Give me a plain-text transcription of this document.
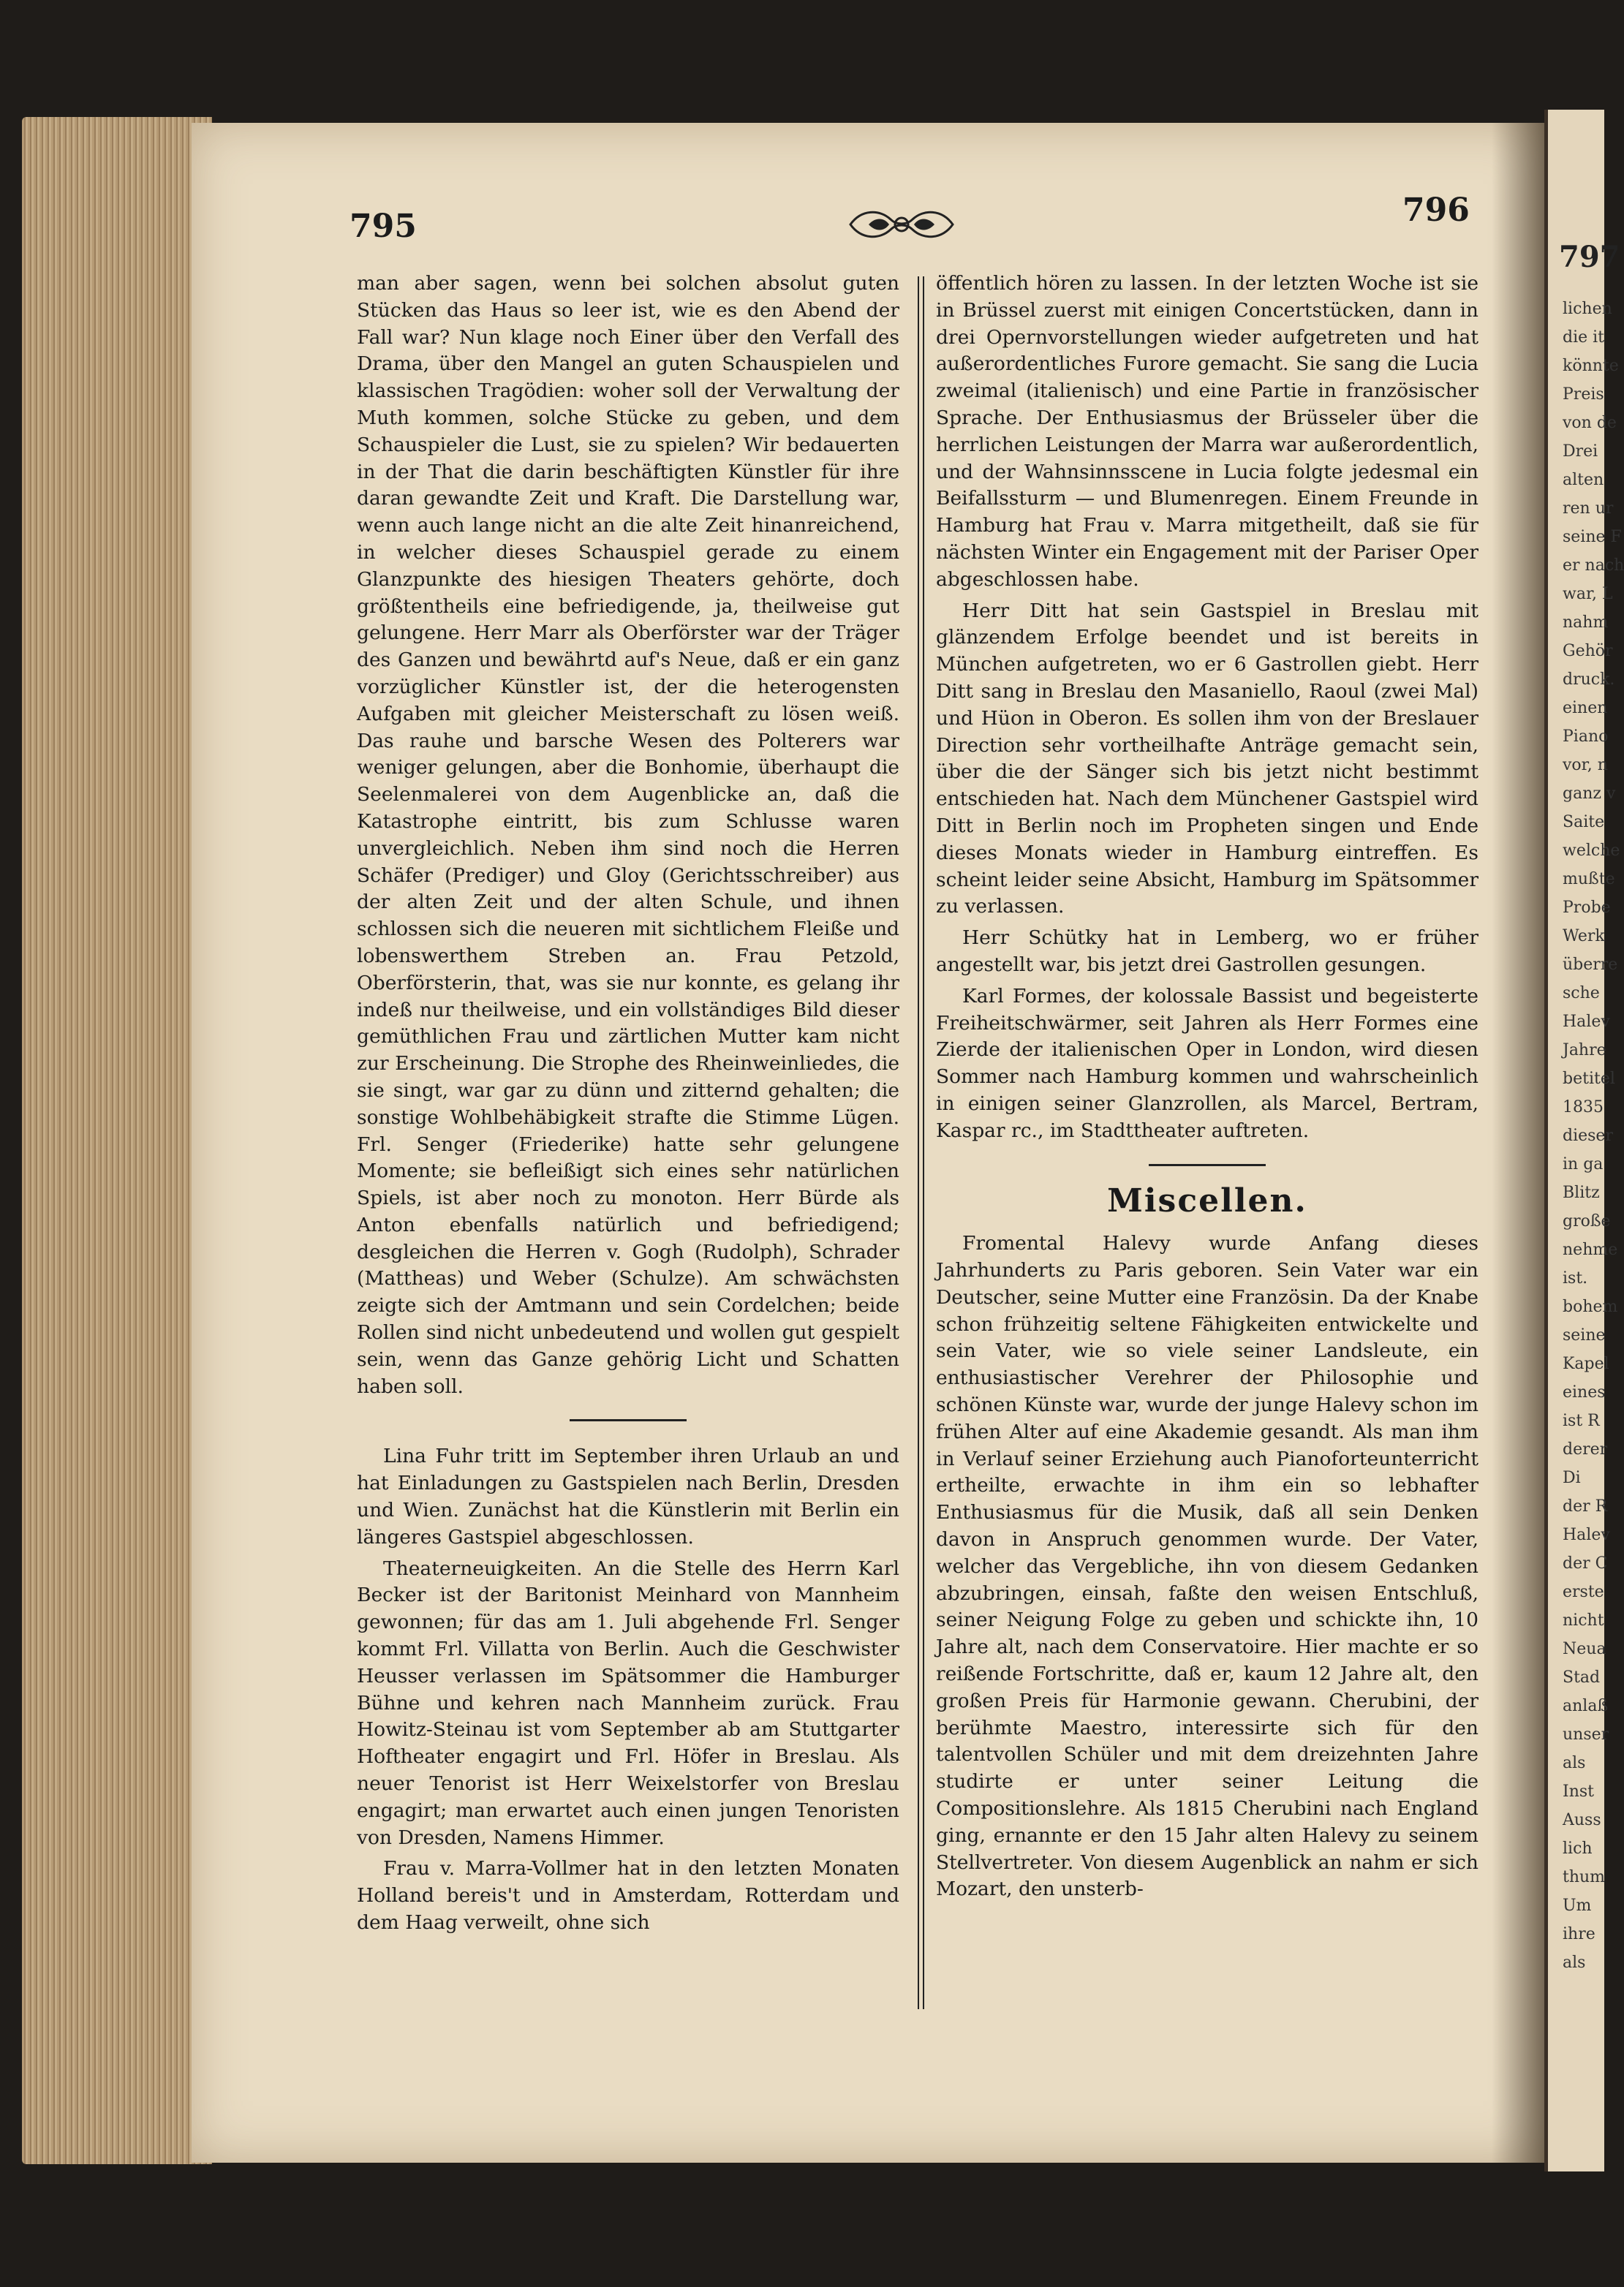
797
lichen
die it
könnte
Preis
von de
Drei
alten
ren ur
seine F
er nach
war, L
nahm
Gehör
druck.
einen
Piano
vor, n
ganz v
Saite
welche
mußte
Probe
Werk
überre
sche
Halev
Jahre
betitel
1835
dieser
in ga
Blitz
große
nehme
ist.
bohem
seine
Kapel
eines
ist R
derer
Di
der R
Halev
der C
erste
nicht
Neua
Stad
anlaß
unser
als
Inst
Auss
lich
thum
Um
ihre
als
795	796

man aber sagen, wenn bei solchen absolut guten Stücken das Haus so leer ist, wie es den Abend der Fall war? Nun klage noch Einer über den Verfall des Drama, über den Mangel an guten Schauspielen und klassischen Tragödien: woher soll der Verwaltung der Muth kommen, solche Stücke zu geben, und dem Schauspieler die Lust, sie zu spielen? Wir bedauerten in der That die darin beschäftigten Künstler für ihre daran gewandte Zeit und Kraft. Die Darstellung war, wenn auch lange nicht an die alte Zeit hinanreichend, in welcher dieses Schauspiel gerade zu einem Glanzpunkte des hiesigen Theaters gehörte, doch größtentheils eine befriedigende, ja, theilweise gut gelungene. Herr Marr als Oberförster war der Träger des Ganzen und bewährtd auf's Neue, daß er ein ganz vorzüglicher Künstler ist, der die heterogensten Aufgaben mit gleicher Meisterschaft zu lösen weiß. Das rauhe und barsche Wesen des Polterers war weniger gelungen, aber die Bonhomie, überhaupt die Seelenmalerei von dem Augenblicke an, daß die Katastrophe eintritt, bis zum Schlusse waren unvergleichlich. Neben ihm sind noch die Herren Schäfer (Prediger) und Gloy (Gerichtsschreiber) aus der alten Zeit und der alten Schule, und ihnen schlossen sich die neueren mit sichtlichem Fleiße und lobenswerthem Streben an. Frau Petzold, Oberförsterin, that, was sie nur konnte, es gelang ihr indeß nur theilweise, und ein vollständiges Bild dieser gemüthlichen Frau und zärtlichen Mutter kam nicht zur Erscheinung. Die Strophe des Rheinweinliedes, die sie singt, war gar zu dünn und zitternd gehalten; die sonstige Wohlbehäbigkeit strafte die Stimme Lügen. Frl. Senger (Friederike) hatte sehr gelungene Momente; sie befleißigt sich eines sehr natürlichen Spiels, ist aber noch zu monoton. Herr Bürde als Anton ebenfalls natürlich und befriedigend; desgleichen die Herren v. Gogh (Rudolph), Schrader (Mattheas) und Weber (Schulze). Am schwächsten zeigte sich der Amtmann und sein Cordelchen; beide Rollen sind nicht unbedeutend und wollen gut gespielt sein, wenn das Ganze gehörig Licht und Schatten haben soll.

Lina Fuhr tritt im September ihren Urlaub an und hat Einladungen zu Gastspielen nach Berlin, Dresden und Wien. Zunächst hat die Künstlerin mit Berlin ein längeres Gastspiel abgeschlossen.

Theaterneuigkeiten. An die Stelle des Herrn Karl Becker ist der Baritonist Meinhard von Mannheim gewonnen; für das am 1. Juli abgehende Frl. Senger kommt Frl. Villatta von Berlin. Auch die Geschwister Heusser verlassen im Spätsommer die Hamburger Bühne und kehren nach Mannheim zurück. Frau Howitz-Steinau ist vom September ab am Stuttgarter Hoftheater engagirt und Frl. Höfer in Breslau. Als neuer Tenorist ist Herr Weixelstorfer von Breslau engagirt; man erwartet auch einen jungen Tenoristen von Dresden, Namens Himmer.

Frau v. Marra-Vollmer hat in den letzten Monaten Holland bereis't und in Amsterdam, Rotterdam und dem Haag verweilt, ohne sich

öffentlich hören zu lassen. In der letzten Woche ist sie in Brüssel zuerst mit einigen Concertstücken, dann in drei Opernvorstellungen wieder aufgetreten und hat außerordentliches Furore gemacht. Sie sang die Lucia zweimal (italienisch) und eine Partie in französischer Sprache. Der Enthusiasmus der Brüsseler über die herrlichen Leistungen der Marra war außerordentlich, und der Wahnsinnsscene in Lucia folgte jedesmal ein Beifallssturm — und Blumenregen. Einem Freunde in Hamburg hat Frau v. Marra mitgetheilt, daß sie für nächsten Winter ein Engagement mit der Pariser Oper abgeschlossen habe.

Herr Ditt hat sein Gastspiel in Breslau mit glänzendem Erfolge beendet und ist bereits in München aufgetreten, wo er 6 Gastrollen giebt. Herr Ditt sang in Breslau den Masaniello, Raoul (zwei Mal) und Hüon in Oberon. Es sollen ihm von der Breslauer Direction sehr vortheilhafte Anträge gemacht sein, über die der Sänger sich bis jetzt nicht bestimmt entschieden hat. Nach dem Münchener Gastspiel wird Ditt in Berlin noch im Propheten singen und Ende dieses Monats wieder in Hamburg eintreffen. Es scheint leider seine Absicht, Hamburg im Spätsommer zu verlassen.

Herr Schütky hat in Lemberg, wo er früher angestellt war, bis jetzt drei Gastrollen gesungen.

Karl Formes, der kolossale Bassist und begeisterte Freiheitschwärmer, seit Jahren als Herr Formes eine Zierde der italienischen Oper in London, wird diesen Sommer nach Hamburg kommen und wahrscheinlich in einigen seiner Glanzrollen, als Marcel, Bertram, Kaspar rc., im Stadttheater auftreten.

Miscellen.

Fromental Halevy wurde Anfang dieses Jahrhunderts zu Paris geboren. Sein Vater war ein Deutscher, seine Mutter eine Französin. Da der Knabe schon frühzeitig seltene Fähigkeiten entwickelte und sein Vater, wie so viele seiner Landsleute, ein enthusiastischer Verehrer der Philosophie und schönen Künste war, wurde der junge Halevy schon im frühen Alter auf eine Akademie gesandt. Als man ihm in Verlauf seiner Erziehung auch Pianoforteunterricht ertheilte, erwachte in ihm ein so lebhafter Enthusiasmus für die Musik, daß all sein Denken davon in Anspruch genommen wurde. Der Vater, welcher das Vergebliche, ihn von diesem Gedanken abzubringen, einsah, faßte den weisen Entschluß, seiner Neigung Folge zu geben und schickte ihn, 10 Jahre alt, nach dem Conservatoire. Hier machte er so reißende Fortschritte, daß er, kaum 12 Jahre alt, den großen Preis für Harmonie gewann. Cherubini, der berühmte Maestro, interessirte sich für den talentvollen Schüler und mit dem dreizehnten Jahre studirte er unter seiner Leitung die Compositionslehre. Als 1815 Cherubini nach England ging, ernannte er den 15 Jahr alten Halevy zu seinem Stellvertreter. Von diesem Augenblick an nahm er sich Mozart, den unsterb-
